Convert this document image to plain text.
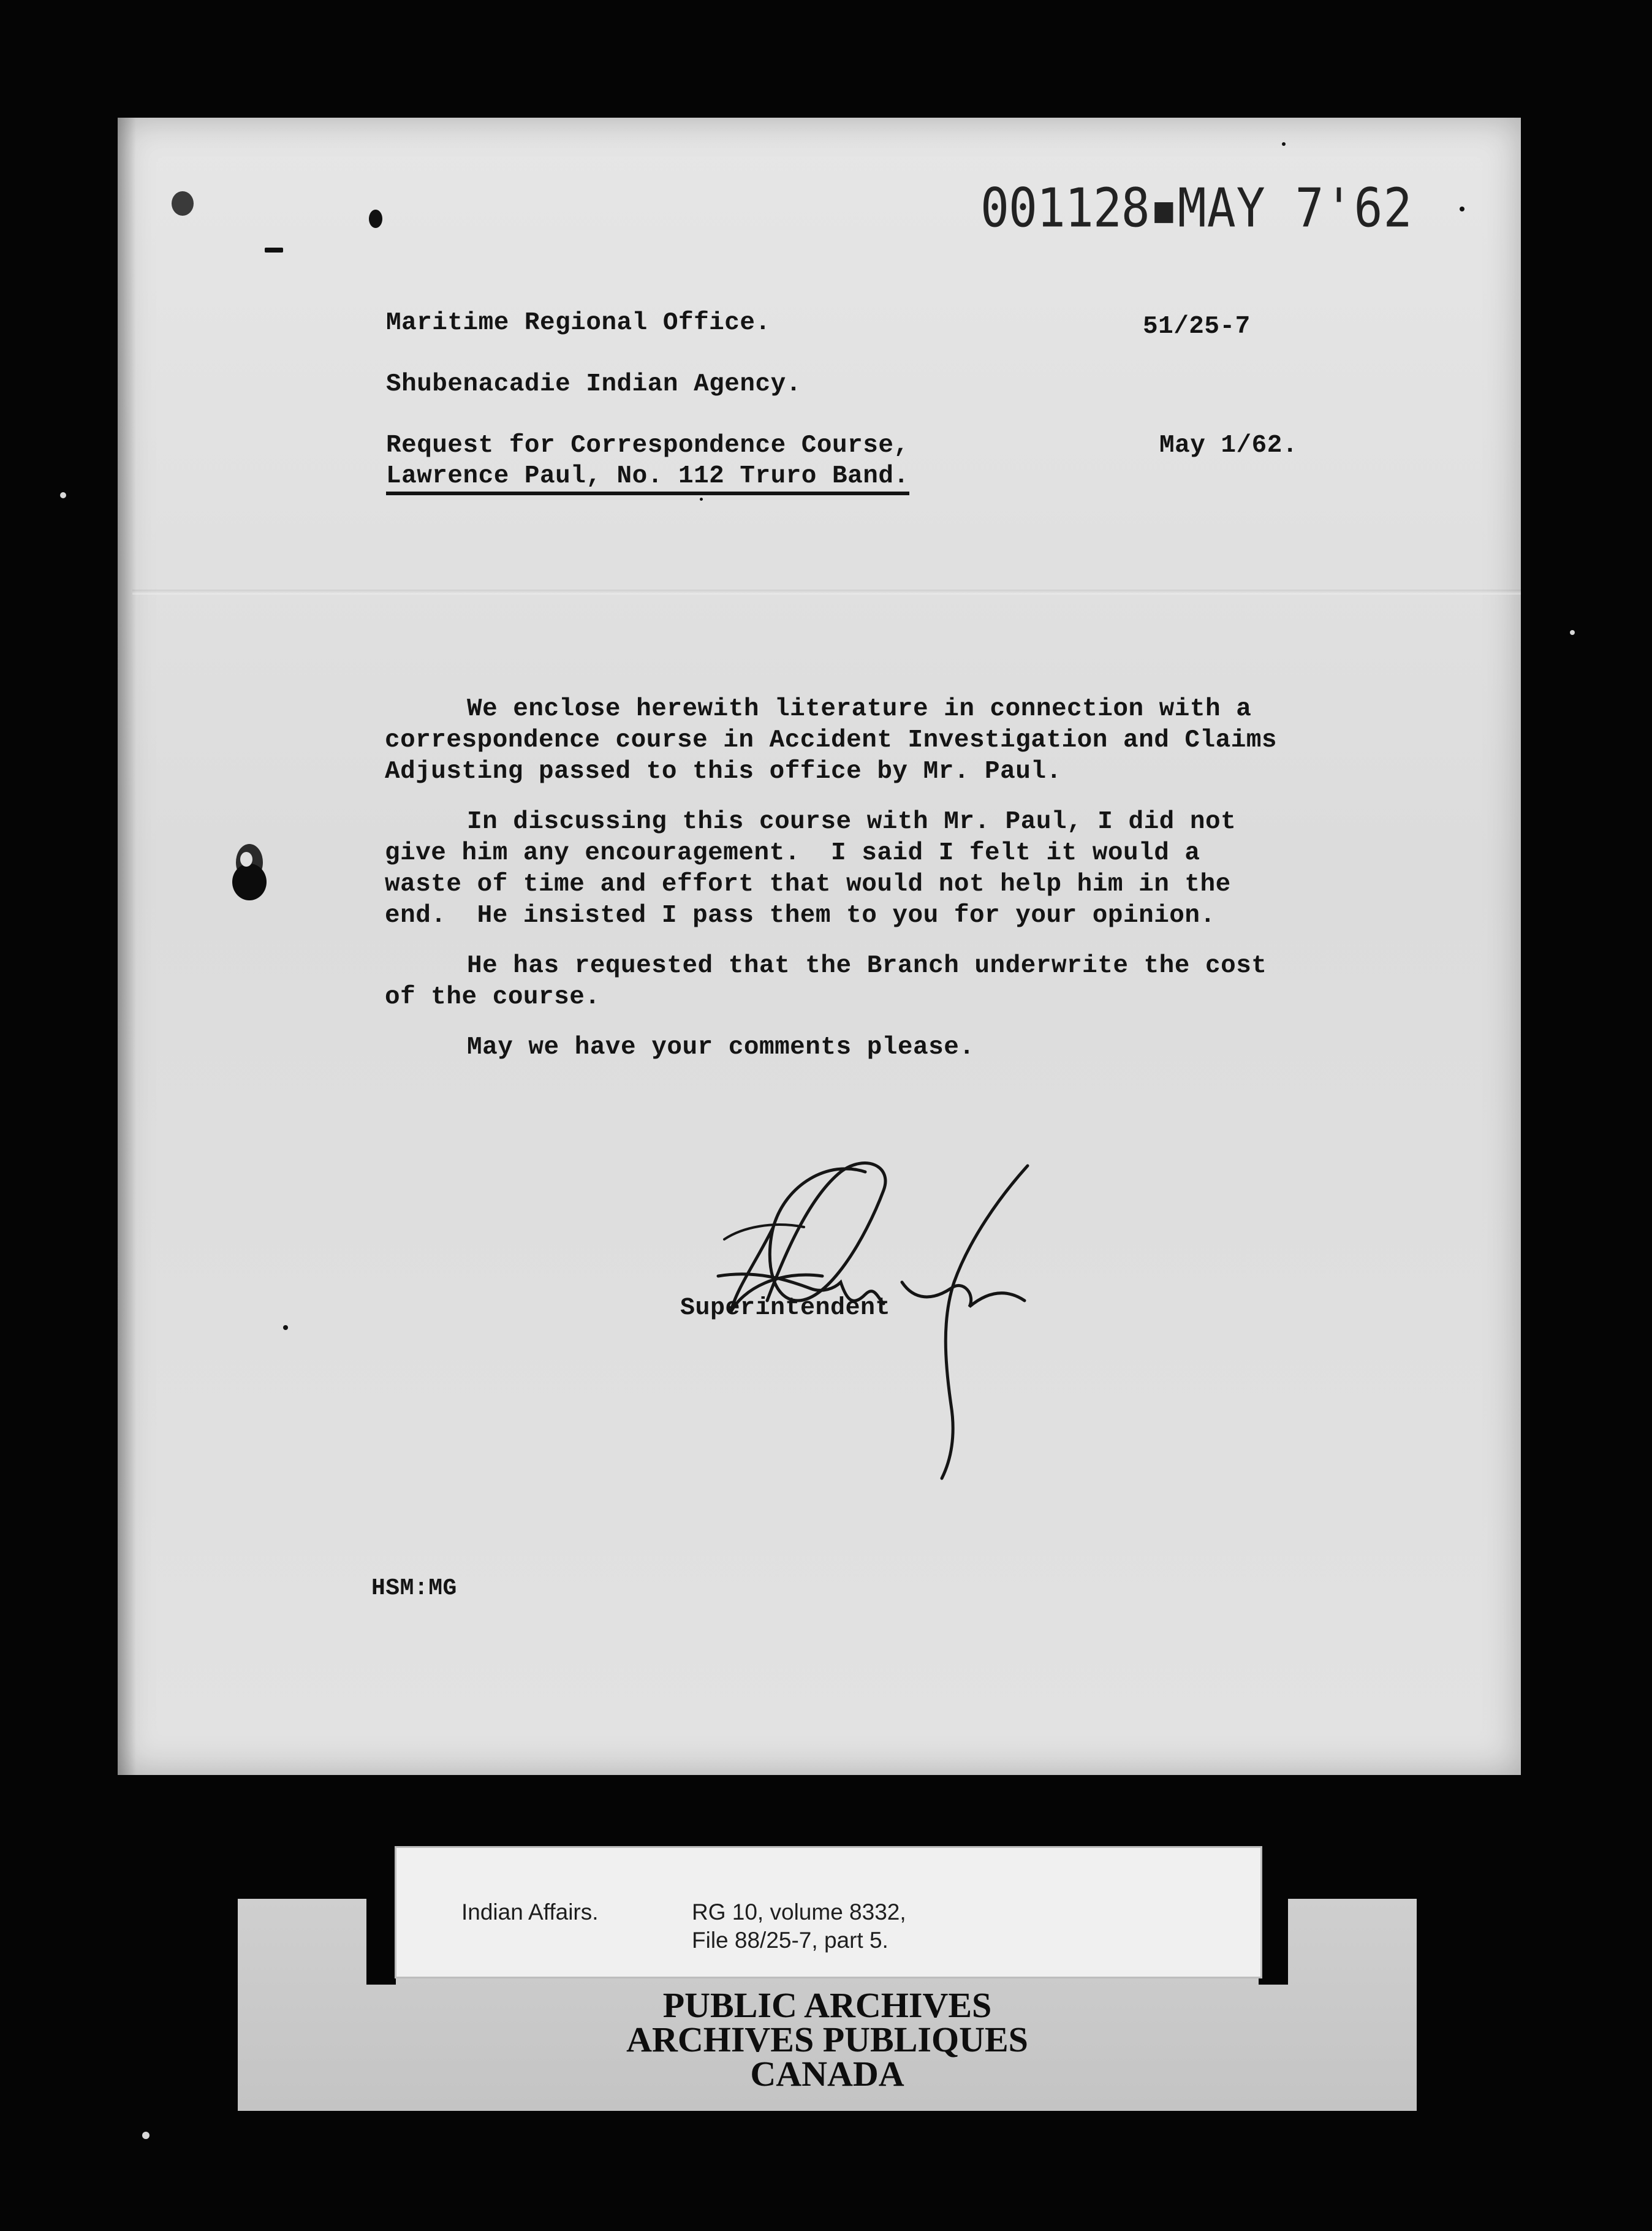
001128▪MAY 7'62
Maritime Regional Office.	51/25-7
Shubenacadie Indian Agency.
Request for Correspondence Course,
Lawrence Paul, No. 112 Truro Band.
May 1/62.
We enclose herewith literature in connection with a
correspondence course in Accident Investigation and Claims
Adjusting passed to this office by Mr. Paul.
In discussing this course with Mr. Paul, I did not
give him any encouragement.  I said I felt it would a
waste of time and effort that would not help him in the
end.  He insisted I pass them to you for your opinion.
He has requested that the Branch underwrite the cost
of the course.
May we have your comments please.
Superintendent
HSM:MG
Indian Affairs.	RG 10, volume 8332,
File 88/25-7, part 5.
PUBLIC ARCHIVES
ARCHIVES PUBLIQUES
CANADA
